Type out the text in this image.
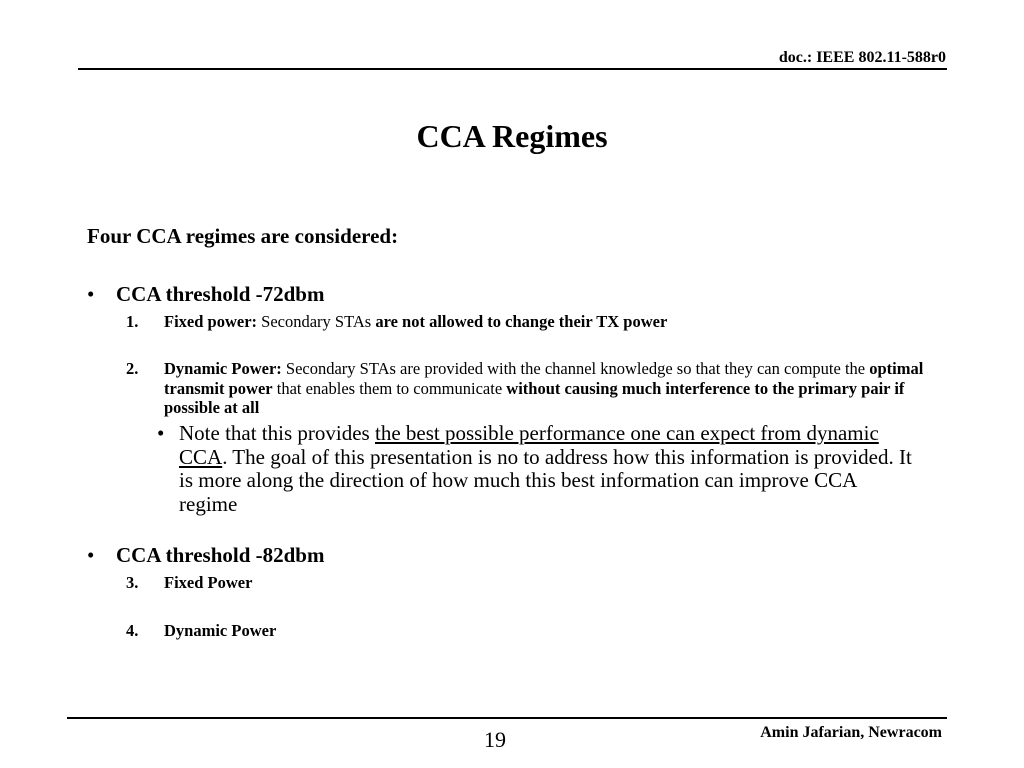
doc.: IEEE 802.11-588r0
CCA Regimes
Four CCA regimes are considered:
• CCA threshold -72dbm
1. Fixed power: Secondary STAs are not allowed to change their TX power
2. Dynamic Power: Secondary STAs are provided with the channel knowledge so that they can compute the optimal transmit power that enables them to communicate without causing much interference to the primary pair if possible at all
• Note that this provides the best possible performance one can expect from dynamic CCA. The goal of this presentation is no to address how this information is provided. It is more along the direction of how much this best information can improve CCA regime
• CCA threshold -82dbm
3. Fixed Power
4. Dynamic Power
19	Amin Jafarian, Newracom
